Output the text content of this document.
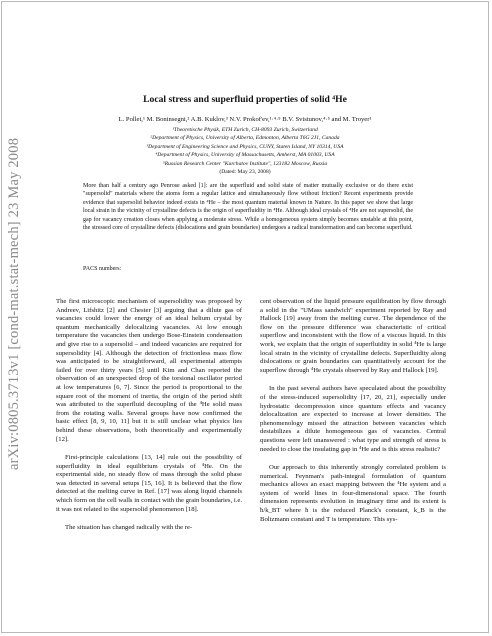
arXiv:0805.3713v1 [cond-mat.stat-mech] 23 May 2008
Local stress and superfluid properties of solid ⁴He
L. Pollet,¹ M. Boninsegni,² A.B. Kuklov,³ N.V. Prokof'ev,¹·⁴·⁵ B.V. Svistunov,⁴·⁵ and M. Troyer¹
¹Theoretische Physik, ETH Zurich, CH-8093 Zurich, Switzerland
²Department of Physics, University of Alberta, Edmonton, Alberta T6G 2J1, Canada
³Department of Engineering Science and Physics, CUNY, Staten Island, NY 10314, USA
⁴Department of Physics, University of Massachusetts, Amherst, MA 01003, USA
⁵Russian Research Center "Kurchatov Institute", 123182 Moscow, Russia
(Dated: May 23, 2008)
More than half a century ago Penrose asked [1]: are the superfluid and solid state of matter mutually exclusive or do there exist "supersolid" materials where the atoms form a regular lattice and simultaneously flow without friction? Recent experiments provide evidence that supersolid behavior indeed exists in ⁴He – the most quantum material known in Nature. In this paper we show that large local strain in the vicinity of crystalline defects is the origin of superfluidity in ⁴He. Although ideal crystals of ⁴He are not supersolid, the gap for vacancy creation closes when applying a moderate stress. While a homogeneous system simply becomes unstable at this point, the stressed core of crystalline defects (dislocations and grain boundaries) undergoes a radical transformation and can become superfluid.
PACS numbers:

The first microscopic mechanism of supersolidity was proposed by Andreev, Lifshitz [2] and Chester [3] arguing that a dilute gas of vacancies could lower the energy of an ideal helium crystal by quantum mechanically delocalizing vacancies. At low enough temperature the vacancies then undergo Bose-Einstein condensation and give rise to a supersolid – and indeed vacancies are required for supersolidity [4]. Although the detection of frictionless mass flow was anticipated to be straightforward, all experimental attempts failed for over thirty years [5] until Kim and Chan reported the observation of an unexpected drop of the torsional oscillator period at low temperatures [6, 7]. Since the period is proportional to the square root of the moment of inertia, the origin of the period shift was attributed to the superfluid decoupling of the ⁴He solid mass from the rotating walls. Several groups have now confirmed the basic effect [8, 9, 10, 11] but it is still unclear what physics lies behind these observations, both theoretically and experimentally [12].

First-principle calculations [13, 14] rule out the possibility of superfluidity in ideal equilibrium crystals of ⁴He. On the experimental side, no steady flow of mass through the solid phase was detected in several setups [15, 16]. It is believed that the flow detected at the melting curve in Ref. [17] was along liquid channels which form on the cell walls in contact with the grain boundaries, i.e. it was not related to the supersolid phenomenon [18].

The situation has changed radically with the re-

cent observation of the liquid pressure equilibration by flow through a solid in the "UMass sandwich" experiment reported by Ray and Hallock [19] away from the melting curve. The dependence of the flow on the pressure difference was characteristic of critical superflow and inconsistent with the flow of a viscous liquid. In this work, we explain that the origin of superfluidity in solid ⁴He is large local strain in the vicinity of crystalline defects. Superfluidity along dislocations or grain boundaries can quantitatively account for the superflow through ⁴He crystals observed by Ray and Hallock [19].

In the past several authors have speculated about the possibility of the stress-induced supersolidity [17, 20, 21], especially under hydrostatic decompression since quantum effects and vacancy delocalization are expected to increase at lower densities. The phenomenology missed the attraction between vacancies which destabilizes a dilute homogeneous gas of vacancies. Central questions were left unanswered : what type and strength of stress is needed to close the insulating gap in ⁴He and is this stress realistic?

Our approach to this inherently strongly correlated problem is numerical. Feynman's path-integral formulation of quantum mechanics allows an exact mapping between the ⁴He system and a system of world lines in four-dimensional space. The fourth dimension represents evolution in imaginary time and its extent is ħ/k_BT where ħ is the reduced Planck's constant, k_B is the Boltzmann constant and T is temperature. This sys-
